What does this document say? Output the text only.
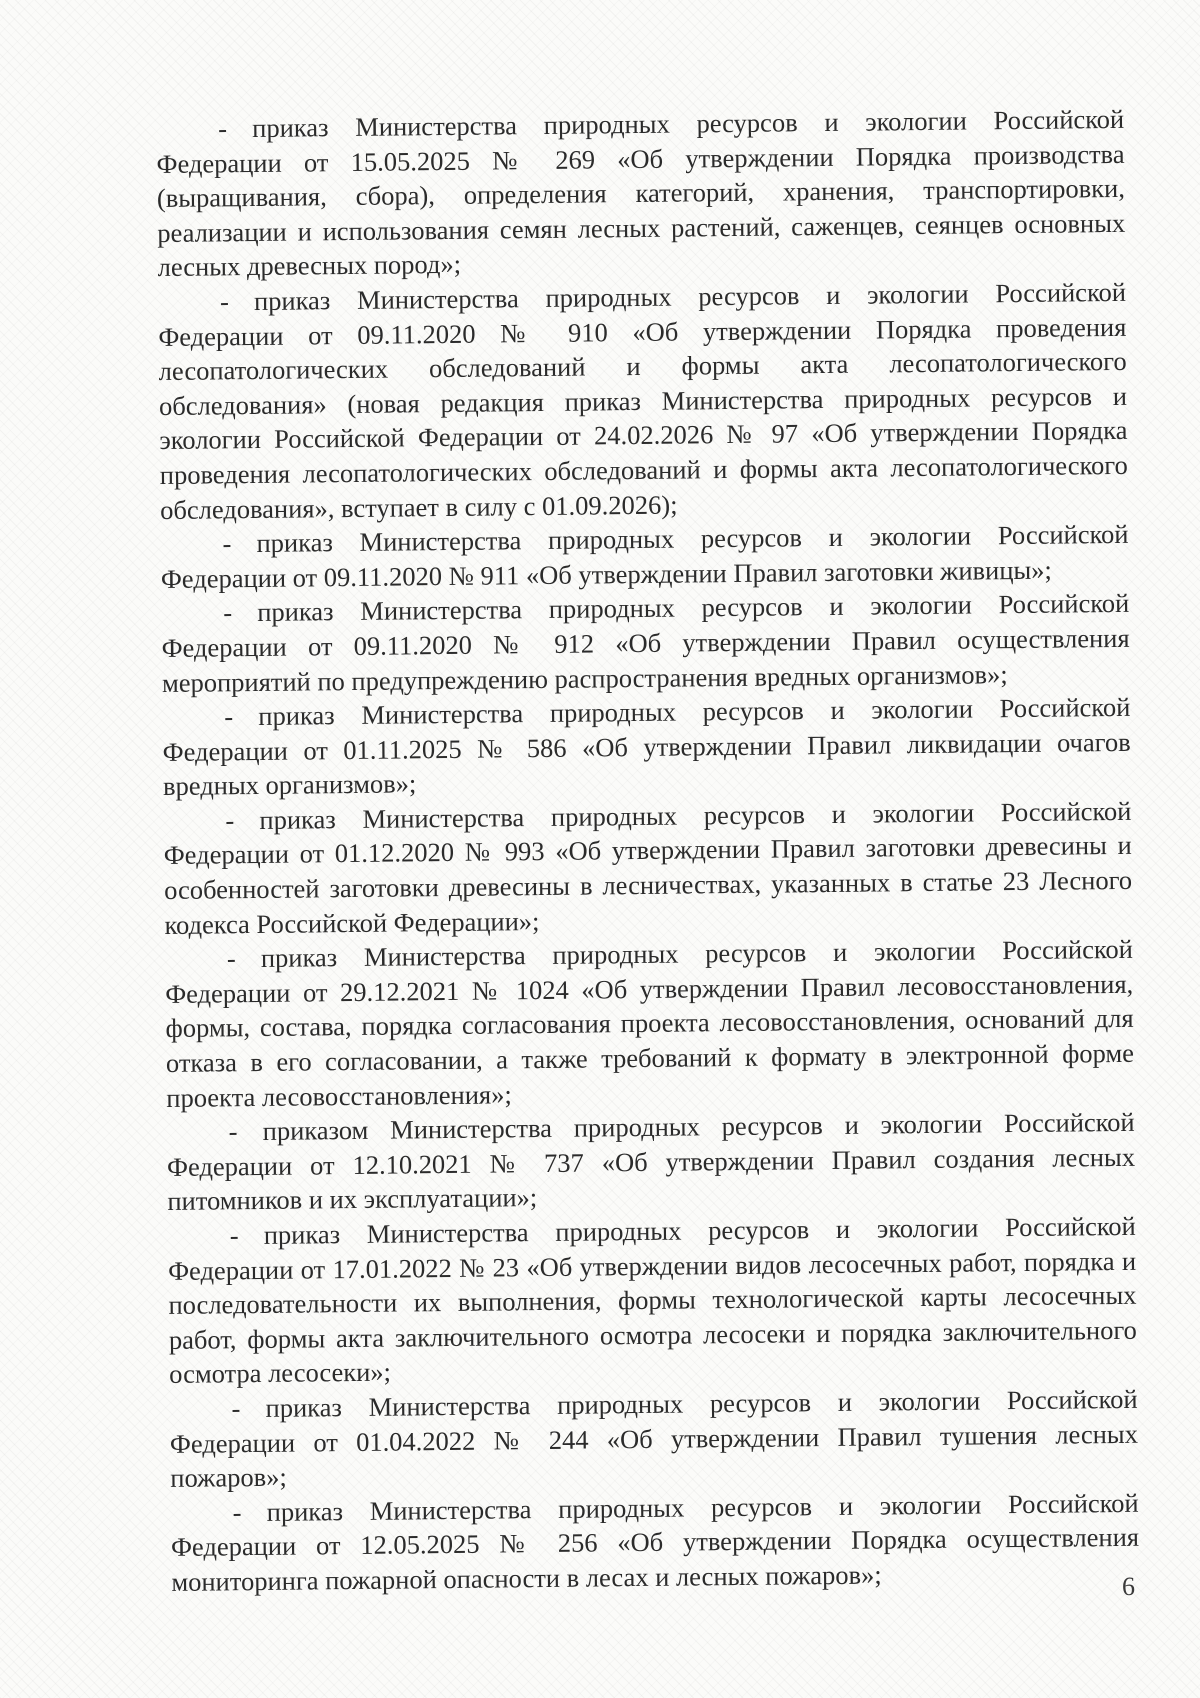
- приказ Министерства природных ресурсов и экологии Российской Федерации от 15.05.2025 № 269 «Об утверждении Порядка производства (выращивания, сбора), определения категорий, хранения, транспортировки, реализации и использования семян лесных растений, саженцев, сеянцев основных лесных древесных пород»;

- приказ Министерства природных ресурсов и экологии Российской Федерации от 09.11.2020 № 910 «Об утверждении Порядка проведения лесопатологических обследований и формы акта лесопатологического обследования» (новая редакция приказ Министерства природных ресурсов и экологии Российской Федерации от 24.02.2026 № 97 «Об утверждении Порядка проведения лесопатологических обследований и формы акта лесопатологического обследования», вступает в силу с 01.09.2026);

- приказ Министерства природных ресурсов и экологии Российской Федерации от 09.11.2020 № 911 «Об утверждении Правил заготовки живицы»;

- приказ Министерства природных ресурсов и экологии Российской Федерации от 09.11.2020 № 912 «Об утверждении Правил осуществления мероприятий по предупреждению распространения вредных организмов»;

- приказ Министерства природных ресурсов и экологии Российской Федерации от 01.11.2025 № 586 «Об утверждении Правил ликвидации очагов вредных организмов»;

- приказ Министерства природных ресурсов и экологии Российской Федерации от 01.12.2020 № 993 «Об утверждении Правил заготовки древесины и особенностей заготовки древесины в лесничествах, указанных в статье 23 Лесного кодекса Российской Федерации»;

- приказ Министерства природных ресурсов и экологии Российской Федерации от 29.12.2021 № 1024 «Об утверждении Правил лесовосстановления, формы, состава, порядка согласования проекта лесовосстановления, оснований для отказа в его согласовании, а также требований к формату в электронной форме проекта лесовосстановления»;

- приказом Министерства природных ресурсов и экологии Российской Федерации от 12.10.2021 № 737 «Об утверждении Правил создания лесных питомников и их эксплуатации»;

- приказ Министерства природных ресурсов и экологии Российской Федерации от 17.01.2022 № 23 «Об утверждении видов лесосечных работ, порядка и последовательности их выполнения, формы технологической карты лесосечных работ, формы акта заключительного осмотра лесосеки и порядка заключительного осмотра лесосеки»;

- приказ Министерства природных ресурсов и экологии Российской Федерации от 01.04.2022 № 244 «Об утверждении Правил тушения лесных пожаров»;

- приказ Министерства природных ресурсов и экологии Российской Федерации от 12.05.2025 № 256 «Об утверждении Порядка осуществления мониторинга пожарной опасности в лесах и лесных пожаров»;	6
